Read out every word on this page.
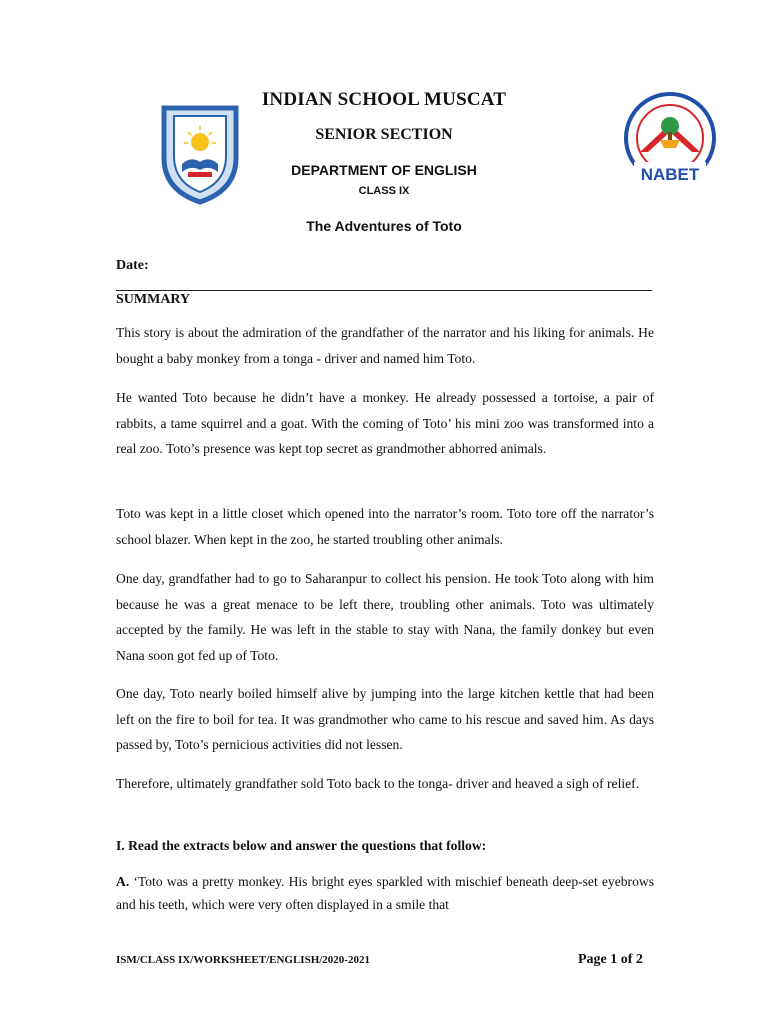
NABET
INDIAN SCHOOL MUSCAT
SENIOR SECTION
DEPARTMENT OF ENGLISH
CLASS IX
The Adventures of Toto
Date:
SUMMARY

This story is about the admiration of the grandfather of the narrator and his liking for animals. He bought a baby monkey from a tonga - driver and named him Toto.

He wanted Toto because he didn’t have a monkey. He already possessed a tortoise, a pair of rabbits, a tame squirrel and a goat. With the coming of Toto’ his mini zoo was transformed into a real zoo. Toto’s presence was kept top secret as grandmother abhorred animals.

Toto was kept in a little closet which opened into the narrator’s room. Toto tore off the narrator’s school blazer. When kept in the zoo, he started troubling other animals.

One day, grandfather had to go to Saharanpur to collect his pension. He took Toto along with him because he was a great menace to be left there, troubling other animals. Toto was ultimately accepted by the family. He was left in the stable to stay with Nana, the family donkey but even Nana soon got fed up of Toto.

One day, Toto nearly boiled himself alive by jumping into the large kitchen kettle that had been left on the fire to boil for tea. It was grandmother who came to his rescue and saved him. As days passed by, Toto’s pernicious activities did not lessen.

Therefore, ultimately grandfather sold Toto back to the tonga- driver and heaved a sigh of relief.

I. Read the extracts below and answer the questions that follow:

A. ‘Toto was a pretty monkey. His bright eyes sparkled with mischief beneath deep-set eyebrows and his teeth, which were very often displayed in a smile that

ISM/CLASS IX/WORKSHEET/ENGLISH/2020-2021	Page 1 of 2
